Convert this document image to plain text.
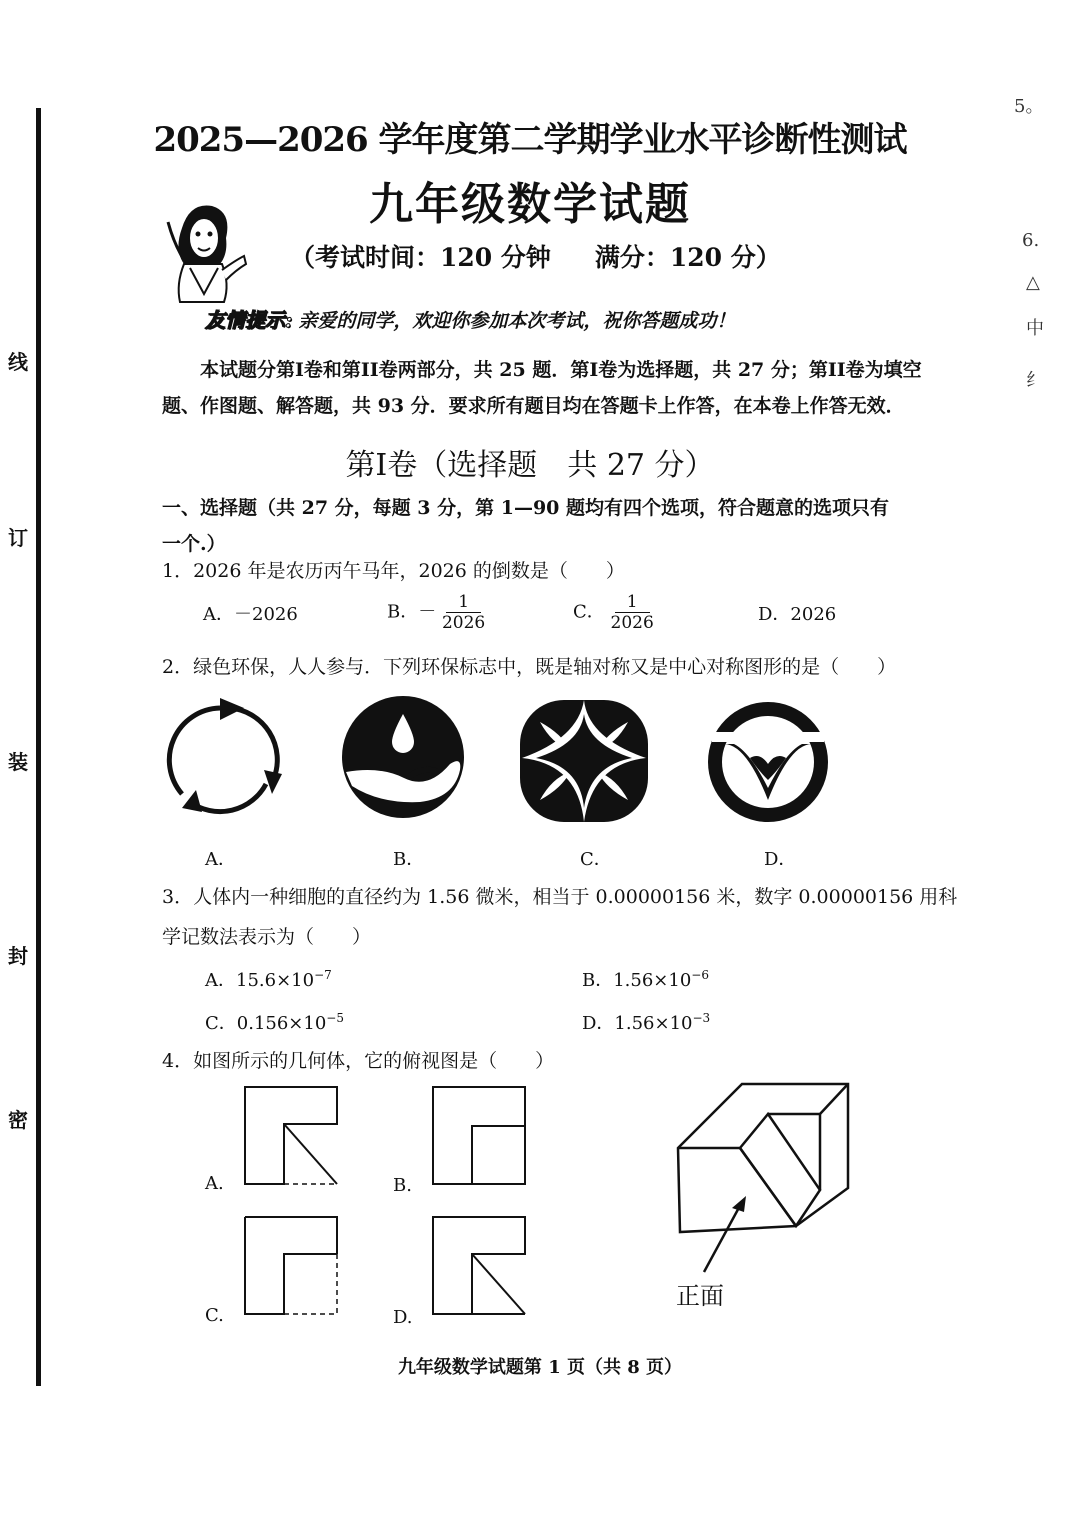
线
订
装
封
密
5。
6.
△
中
纟
2025—2026 学年度第二学期学业水平诊断性测试
九年级数学试题
（考试时间：120 分钟 满分：120 分）
友情提示: 亲爱的同学，欢迎你参加本次考试，祝你答题成功！
本试题分第I卷和第II卷两部分，共 25 题．第I卷为选择题，共 27 分；第II卷为填空
题、作图题、解答题，共 93 分．要求所有题目均在答题卡上作答，在本卷上作答无效．
第I卷（选择题　共 27 分）
一、选择题（共 27 分，每题 3 分，第 1—90 题均有四个选项，符合题意的选项只有
一个.）
1．2026 年是农历丙午马年，2026 的倒数是（　　）
A．－2026	B．－ $\frac{1}{2026}$	C． $\frac{1}{2026}$	D．2026
2．绿色环保，人人参与．下列环保标志中，既是轴对称又是中心对称图形的是（　　）
A．	B．	C．	D．
3．人体内一种细胞的直径约为 1.56 微米，相当于 0.00000156 米，数字 0.00000156 用科
学记数法表示为（　　）
A．$15.6\times 10^{-7}$	B．$1.56\times 10^{-6}$
C．$0.156\times 10^{-5}$	D．$1.56\times 10^{-3}$
4．如图所示的几何体，它的俯视图是（　　）
A.	B.
C.	D.
正面
九年级数学试题第 1 页（共 8 页）
